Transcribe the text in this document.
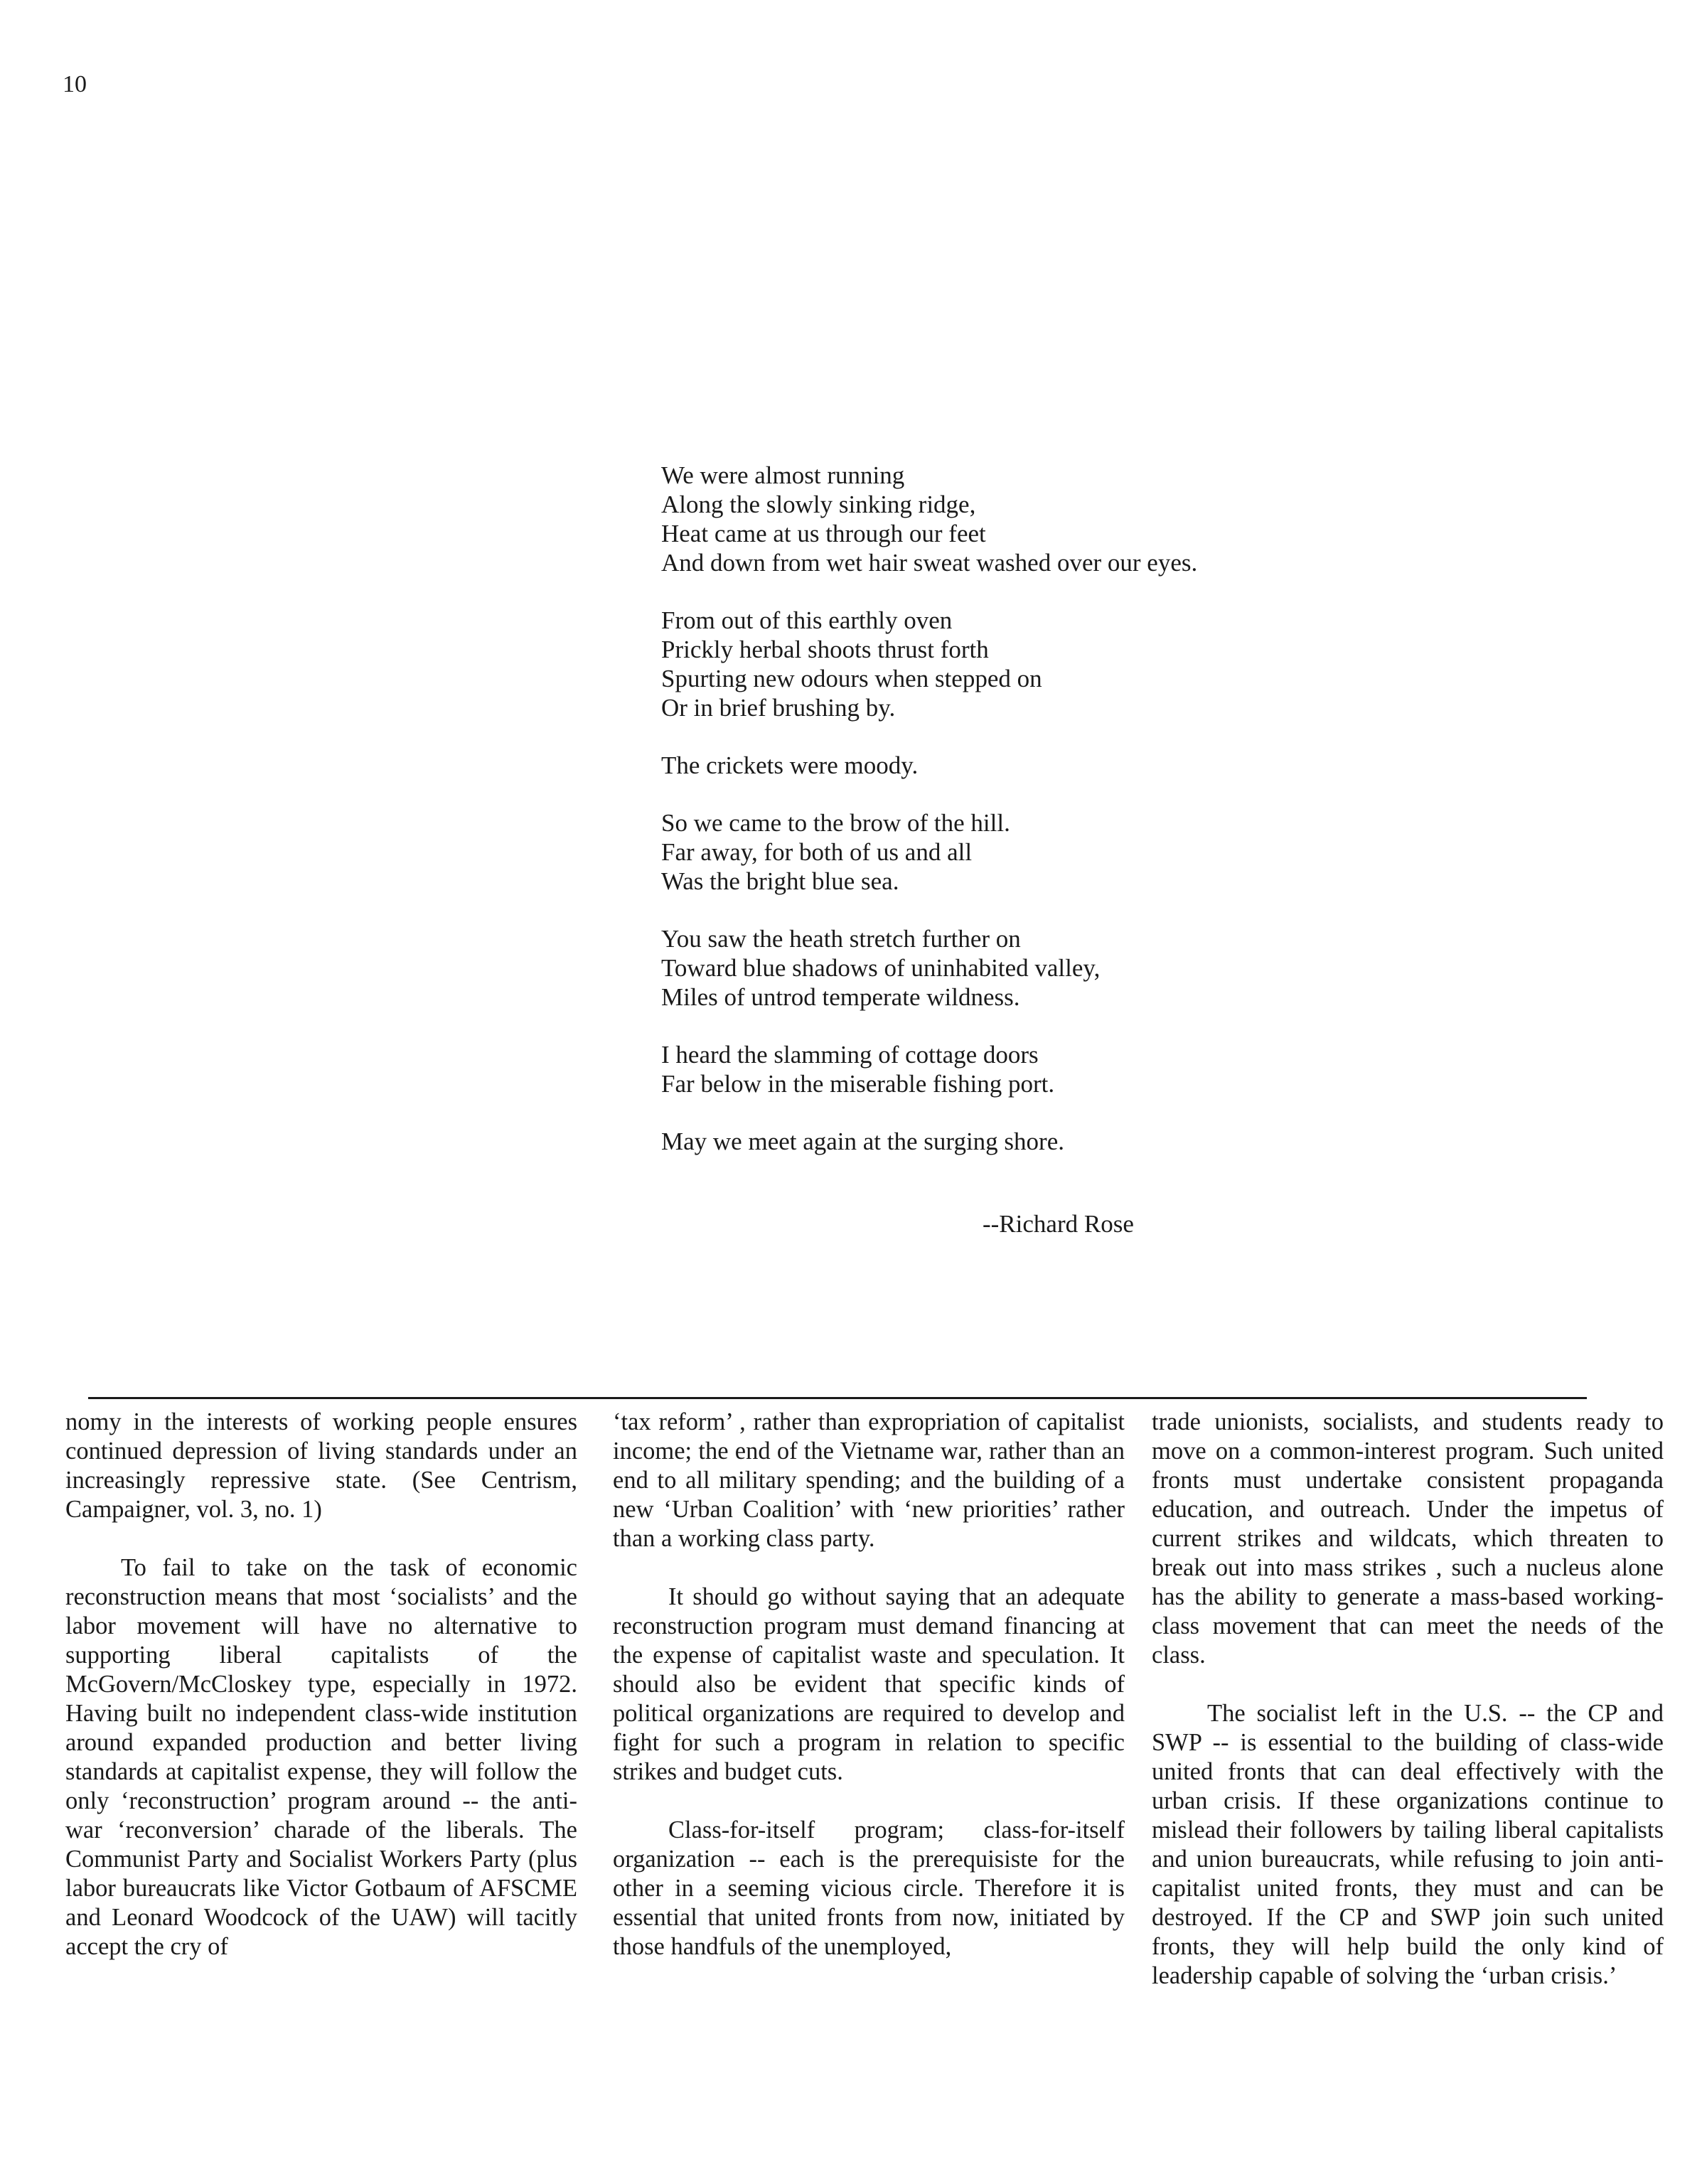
10
We were almost running
Along the slowly sinking ridge,
Heat came at us through our feet
And down from wet hair sweat washed over our eyes.
From out of this earthly oven
Prickly herbal shoots thrust forth
Spurting new odours when stepped on
Or in brief brushing by.
The crickets were moody.
So we came to the brow of the hill.
Far away, for both of us and all
Was the bright blue sea.
You saw the heath stretch further on
Toward blue shadows of uninhabited valley,
Miles of untrod temperate wildness.
I heard the slamming of cottage doors
Far below in the miserable fishing port.
May we meet again at the surging shore.
--Richard Rose

nomy in the interests of working people ensures continued depression of living standards under an increasingly repressive state. (See Centrism, Campaigner, vol. 3, no. 1)

To fail to take on the task of economic reconstruction means that most ‘socialists’ and the labor movement will have no alternative to supporting liberal capitalists of the McGovern/McCloskey type, especially in 1972. Having built no independent class-wide institution around expanded production and better living standards at capitalist expense, they will follow the only ‘reconstruction’ program around -- the anti-war ‘reconversion’ charade of the liberals. The Communist Party and Socialist Workers Party (plus labor bureaucrats like Victor Gotbaum of AFSCME and Leonard Woodcock of the UAW) will tacitly accept the cry of

‘tax reform’ , rather than expropriation of capitalist income; the end of the Vietname war, rather than an end to all military spending; and the building of a new ‘Urban Coalition’ with ‘new priorities’ rather than a working class party.

It should go without saying that an adequate reconstruction program must demand financing at the expense of capitalist waste and speculation. It should also be evident that specific kinds of political organizations are required to develop and fight for such a program in relation to specific strikes and budget cuts.

Class-for-itself program; class-for-itself organization -- each is the prerequisiste for the other in a seeming vicious circle. Therefore it is essential that united fronts from now, initiated by those handfuls of the unemployed,

trade unionists, socialists, and students ready to move on a common-interest program. Such united fronts must undertake consistent propaganda education, and outreach. Under the impetus of current strikes and wildcats, which threaten to break out into mass strikes , such a nucleus alone has the ability to generate a mass-based working-class movement that can meet the needs of the class.

The socialist left in the U.S. -- the CP and SWP -- is essential to the building of class-wide united fronts that can deal effectively with the urban crisis. If these organizations continue to mislead their followers by tailing liberal capitalists and union bureaucrats, while refusing to join anti-capitalist united fronts, they must and can be destroyed. If the CP and SWP join such united fronts, they will help build the only kind of leadership capable of solving the ‘urban crisis.’
